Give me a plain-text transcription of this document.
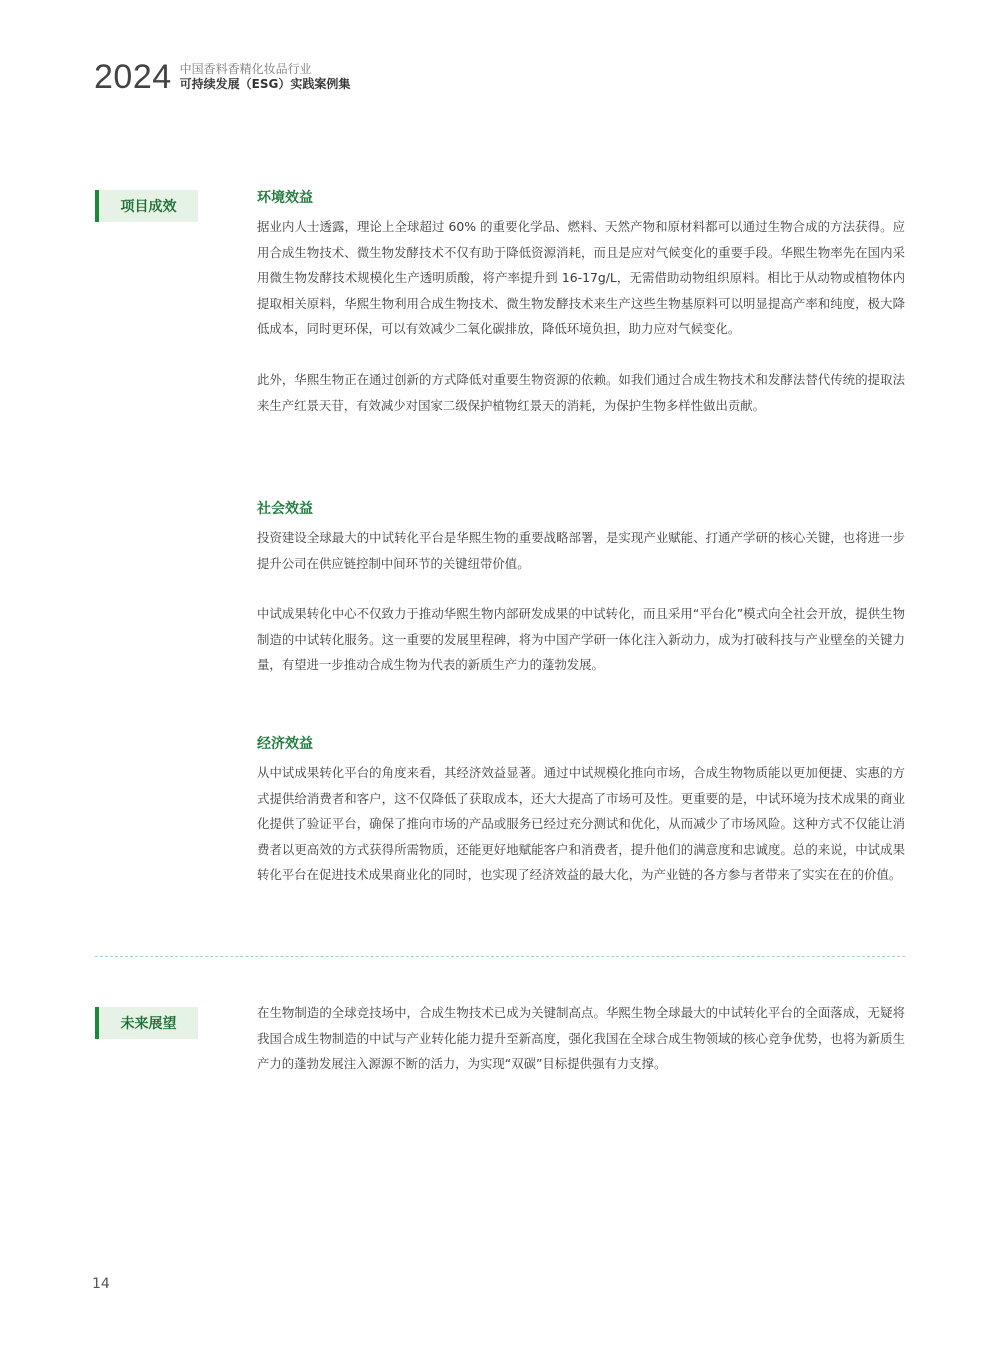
2024 中国香料香精化妆品行业
可持续发展（ESG）实践案例集
项目成效
环境效益

据业内人士透露，理论上全球超过 60% 的重要化学品、燃料、天然产物和原材料都可以通过生物合成的方法获得。应用合成生物技术、微生物发酵技术不仅有助于降低资源消耗，而且是应对气候变化的重要手段。华熙生物率先在国内采用微生物发酵技术规模化生产透明质酸，将产率提升到 16-17g/L，无需借助动物组织原料。相比于从动物或植物体内提取相关原料，华熙生物利用合成生物技术、微生物发酵技术来生产这些生物基原料可以明显提高产率和纯度，极大降低成本，同时更环保，可以有效减少二氧化碳排放，降低环境负担，助力应对气候变化。

此外，华熙生物正在通过创新的方式降低对重要生物资源的依赖。如我们通过合成生物技术和发酵法替代传统的提取法来生产红景天苷，有效减少对国家二级保护植物红景天的消耗，为保护生物多样性做出贡献。

社会效益

投资建设全球最大的中试转化平台是华熙生物的重要战略部署，是实现产业赋能、打通产学研的核心关键，也将进一步提升公司在供应链控制中间环节的关键纽带价值。

中试成果转化中心不仅致力于推动华熙生物内部研发成果的中试转化，而且采用“平台化”模式向全社会开放，提供生物制造的中试转化服务。这一重要的发展里程碑，将为中国产学研一体化注入新动力，成为打破科技与产业壁垒的关键力量，有望进一步推动合成生物为代表的新质生产力的蓬勃发展。

经济效益

从中试成果转化平台的角度来看，其经济效益显著。通过中试规模化推向市场，合成生物物质能以更加便捷、实惠的方式提供给消费者和客户，这不仅降低了获取成本，还大大提高了市场可及性。更重要的是，中试环境为技术成果的商业化提供了验证平台，确保了推向市场的产品或服务已经过充分测试和优化，从而减少了市场风险。这种方式不仅能让消费者以更高效的方式获得所需物质，还能更好地赋能客户和消费者，提升他们的满意度和忠诚度。总的来说，中试成果转化平台在促进技术成果商业化的同时，也实现了经济效益的最大化，为产业链的各方参与者带来了实实在在的价值。

未来展望

在生物制造的全球竞技场中，合成生物技术已成为关键制高点。华熙生物全球最大的中试转化平台的全面落成，无疑将我国合成生物制造的中试与产业转化能力提升至新高度，强化我国在全球合成生物领域的核心竞争优势，也将为新质生产力的蓬勃发展注入源源不断的活力，为实现“双碳”目标提供强有力支撑。

14
